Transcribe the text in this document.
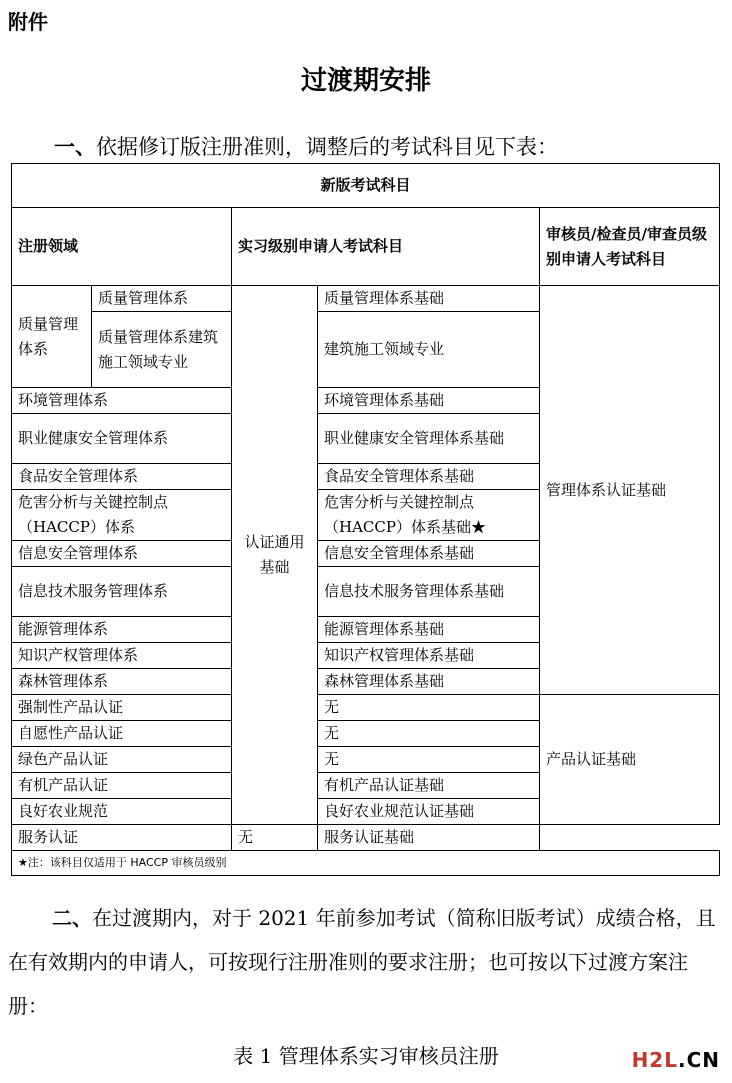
附件
过渡期安排
一、依据修订版注册准则，调整后的考试科目见下表：
新版考试科目				
注册领域		实习级别申请人考试科目		审核员/检查员/审查员级别申请人考试科目
质量管理体系	质量管理体系	认证通用基础	质量管理体系基础	管理体系认证基础
	质量管理体系建筑施工领域专业		建筑施工领域专业	
环境管理体系			环境管理体系基础	
职业健康安全管理体系			职业健康安全管理体系基础	
食品安全管理体系			食品安全管理体系基础	
危害分析与关键控制点（HACCP）体系			危害分析与关键控制点（HACCP）体系基础★	
信息安全管理体系			信息安全管理体系基础	
信息技术服务管理体系			信息技术服务管理体系基础	
能源管理体系			能源管理体系基础	
知识产权管理体系			知识产权管理体系基础	
森林管理体系			森林管理体系基础	
强制性产品认证			无	产品认证基础
自愿性产品认证			无	
绿色产品认证			无	
有机产品认证			有机产品认证基础	
良好农业规范			良好农业规范认证基础	
服务认证		无	服务认证基础	
★注：该科目仅适用于 HACCP 审核员级别				
二、在过渡期内，对于 2021 年前参加考试（简称旧版考试）成绩合格，且在有效期内的申请人，可按现行注册准则的要求注册；也可按以下过渡方案注册：
表 1 管理体系实习审核员注册	H2L.CN
